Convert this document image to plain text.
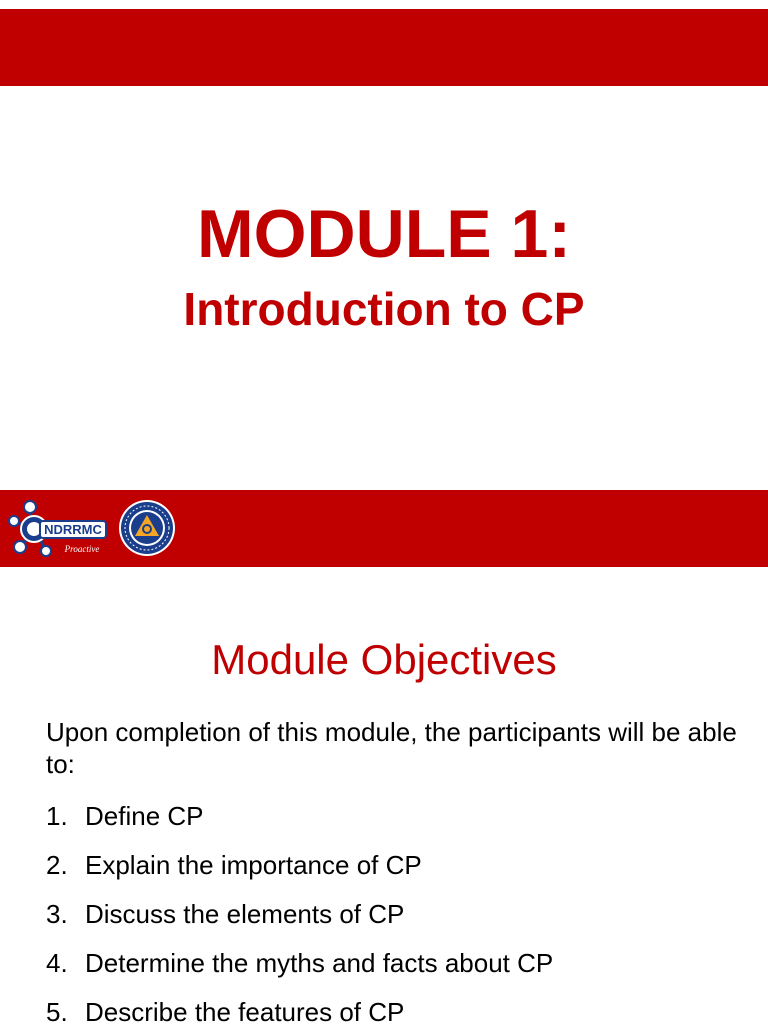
MODULE 1:
Introduction to CP
NDRRMC
Proactive
Module Objectives
Upon completion of this module, the participants will be able to:
1. Define CP
2. Explain the importance of CP
3. Discuss the elements of CP
4. Determine the myths and facts about CP
5. Describe the features of CP
